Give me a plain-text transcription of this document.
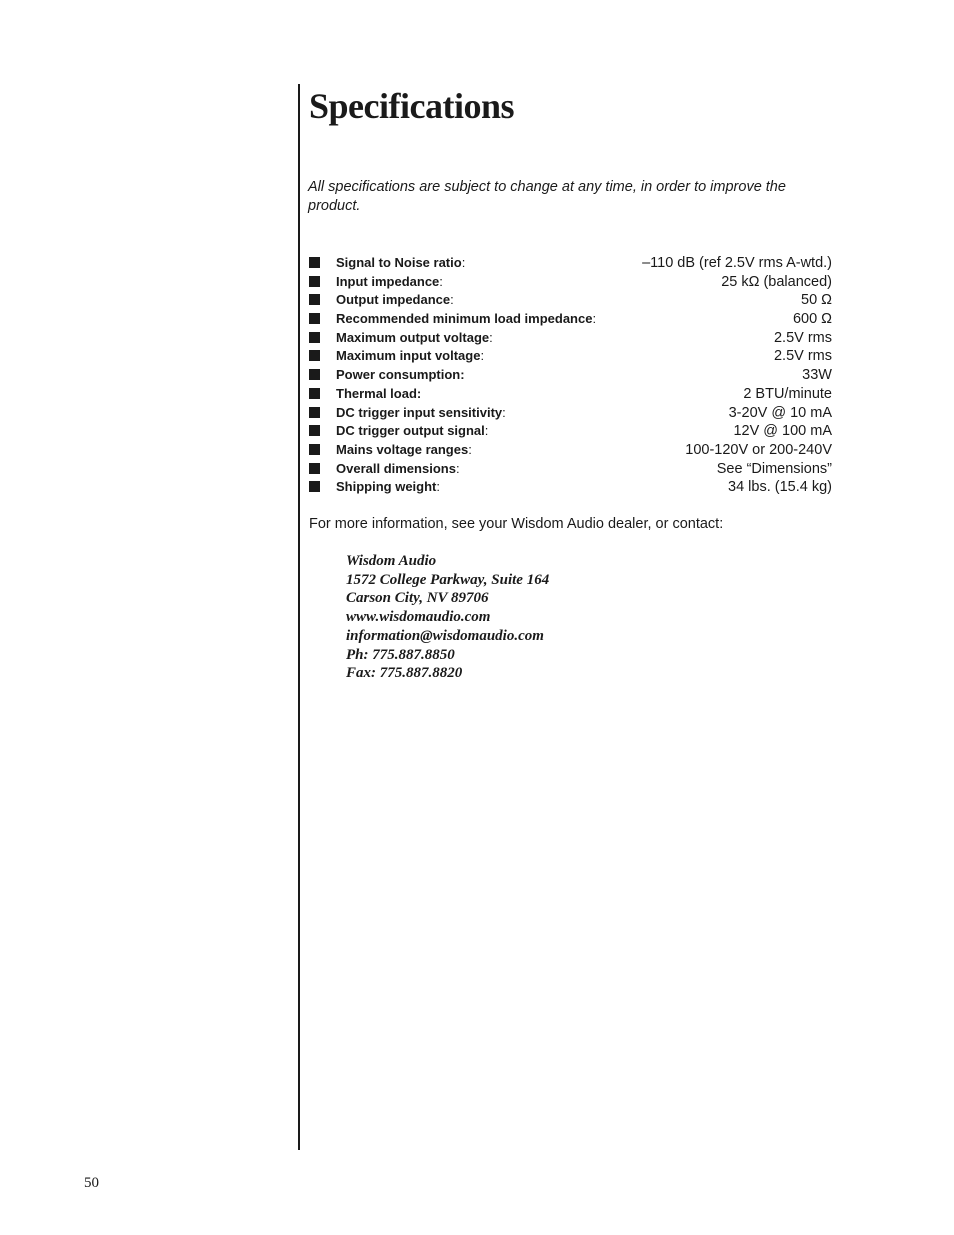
Specifications

All specifications are subject to change at any time, in order to improve the product.

Signal to Noise ratio:	–110 dB (ref 2.5V rms A-wtd.)
Input impedance:	25 kΩ (balanced)
Output impedance:	50 Ω
Recommended minimum load impedance:	600 Ω
Maximum output voltage:	2.5V rms
Maximum input voltage:	2.5V rms
Power consumption:	33W
Thermal load:	2 BTU/minute
DC trigger input sensitivity:	3-20V @ 10 mA
DC trigger output signal:	12V @ 100 mA
Mains voltage ranges:	100-120V or 200-240V
Overall dimensions:	See “Dimensions”
Shipping weight:	34 lbs. (15.4 kg)

For more information, see your Wisdom Audio dealer, or contact:

Wisdom Audio
1572 College Parkway, Suite 164
Carson City, NV 89706
www.wisdomaudio.com
information@wisdomaudio.com
Ph: 775.887.8850
Fax: 775.887.8820
50
